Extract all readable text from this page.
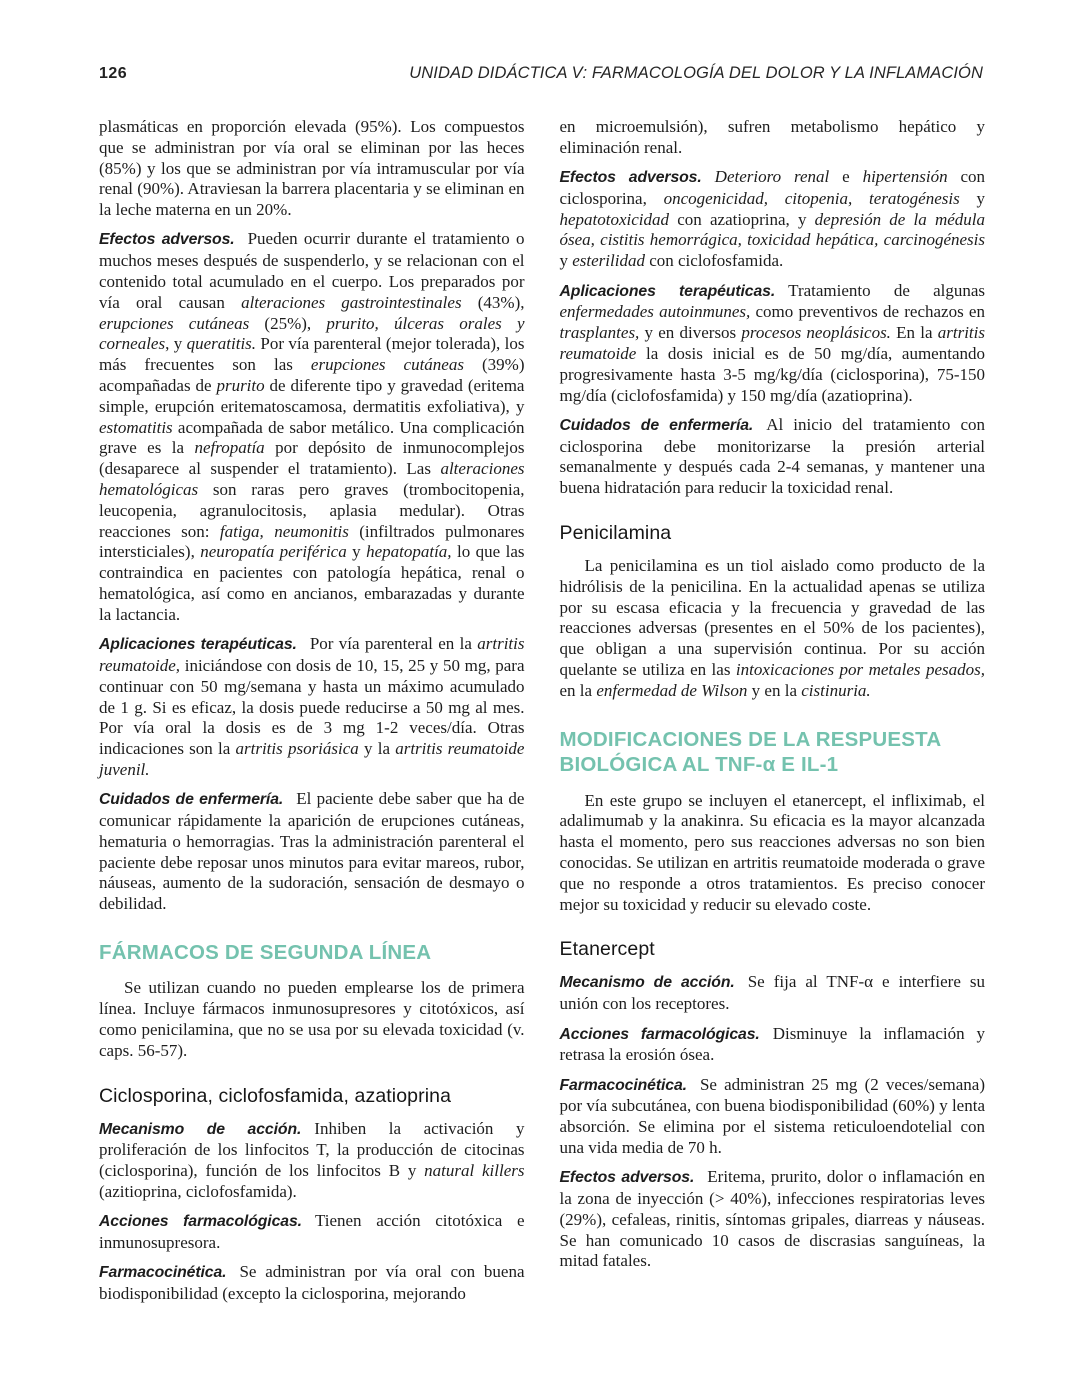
126	UNIDAD DIDÁCTICA V: FARMACOLOGÍA DEL DOLOR Y LA INFLAMACIÓN

plasmáticas en proporción elevada (95%). Los compuestos que se administran por vía oral se eliminan por las heces (85%) y los que se administran por vía intramuscular por vía renal (90%). Atraviesan la barrera placentaria y se eliminan en la leche materna en un 20%.

Efectos adversos. Pueden ocurrir durante el tratamiento o muchos meses después de suspenderlo, y se relacionan con el contenido total acumulado en el cuerpo. Los preparados por vía oral causan alteraciones gastrointestinales (43%), erupciones cutáneas (25%), prurito, úlceras orales y corneales, y queratitis. Por vía parenteral (mejor tolerada), los más frecuentes son las erupciones cutáneas (39%) acompañadas de prurito de diferente tipo y gravedad (eritema simple, erupción eritematoscamosa, dermatitis exfoliativa), y estomatitis acompañada de sabor metálico. Una complicación grave es la nefropatía por depósito de inmunocomplejos (desaparece al suspender el tratamiento). Las alteraciones hematológicas son raras pero graves (trombocitopenia, leucopenia, agranulocitosis, aplasia medular). Otras reacciones son: fatiga, neumonitis (infiltrados pulmonares intersticiales), neuropatía periférica y hepatopatía, lo que las contraindica en pacientes con patología hepática, renal o hematológica, así como en ancianos, embarazadas y durante la lactancia.

Aplicaciones terapéuticas. Por vía parenteral en la artritis reumatoide, iniciándose con dosis de 10, 15, 25 y 50 mg, para continuar con 50 mg/semana y hasta un máximo acumulado de 1 g. Si es eficaz, la dosis puede reducirse a 50 mg al mes. Por vía oral la dosis es de 3 mg 1-2 veces/día. Otras indicaciones son la artritis psoriásica y la artritis reumatoide juvenil.

Cuidados de enfermería. El paciente debe saber que ha de comunicar rápidamente la aparición de erupciones cutáneas, hematuria o hemorragias. Tras la administración parenteral el paciente debe reposar unos minutos para evitar mareos, rubor, náuseas, aumento de la sudoración, sensación de desmayo o debilidad.

FÁRMACOS DE SEGUNDA LÍNEA

Se utilizan cuando no pueden emplearse los de primera línea. Incluye fármacos inmunosupresores y citotóxicos, así como penicilamina, que no se usa por su elevada toxicidad (v. caps. 56-57).

Ciclosporina, ciclofosfamida, azatioprina

Mecanismo de acción. Inhiben la activación y proliferación de los linfocitos T, la producción de citocinas (ciclosporina), función de los linfocitos B y natural killers (azitioprina, ciclofosfamida).

Acciones farmacológicas. Tienen acción citotóxica e inmunosupresora.

Farmacocinética. Se administran por vía oral con buena biodisponibilidad (excepto la ciclosporina, mejorando

en microemulsión), sufren metabolismo hepático y eliminación renal.

Efectos adversos. Deterioro renal e hipertensión con ciclosporina, oncogenicidad, citopenia, teratogénesis y hepatotoxicidad con azatioprina, y depresión de la médula ósea, cistitis hemorrágica, toxicidad hepática, carcinogénesis y esterilidad con ciclofosfamida.

Aplicaciones terapéuticas. Tratamiento de algunas enfermedades autoinmunes, como preventivos de rechazos en trasplantes, y en diversos procesos neoplásicos. En la artritis reumatoide la dosis inicial es de 50 mg/día, aumentando progresivamente hasta 3-5 mg/kg/día (ciclosporina), 75-150 mg/día (ciclofosfamida) y 150 mg/día (azatioprina).

Cuidados de enfermería. Al inicio del tratamiento con ciclosporina debe monitorizarse la presión arterial semanalmente y después cada 2-4 semanas, y mantener una buena hidratación para reducir la toxicidad renal.

Penicilamina

La penicilamina es un tiol aislado como producto de la hidrólisis de la penicilina. En la actualidad apenas se utiliza por su escasa eficacia y la frecuencia y gravedad de las reacciones adversas (presentes en el 50% de los pacientes), que obligan a una supervisión continua. Por su acción quelante se utiliza en las intoxicaciones por metales pesados, en la enfermedad de Wilson y en la cistinuria.

MODIFICACIONES DE LA RESPUESTA
BIOLÓGICA AL TNF-α E IL-1

En este grupo se incluyen el etanercept, el infliximab, el adalimumab y la anakinra. Su eficacia es la mayor alcanzada hasta el momento, pero sus reacciones adversas no son bien conocidas. Se utilizan en artritis reumatoide moderada o grave que no responde a otros tratamientos. Es preciso conocer mejor su toxicidad y reducir su elevado coste.

Etanercept

Mecanismo de acción. Se fija al TNF-α e interfiere su unión con los receptores.

Acciones farmacológicas. Disminuye la inflamación y retrasa la erosión ósea.

Farmacocinética. Se administran 25 mg (2 veces/semana) por vía subcutánea, con buena biodisponibilidad (60%) y lenta absorción. Se elimina por el sistema reticuloendotelial con una vida media de 70 h.

Efectos adversos. Eritema, prurito, dolor o inflamación en la zona de inyección (> 40%), infecciones respiratorias leves (29%), cefaleas, rinitis, síntomas gripales, diarreas y náuseas. Se han comunicado 10 casos de discrasias sanguíneas, la mitad fatales.
